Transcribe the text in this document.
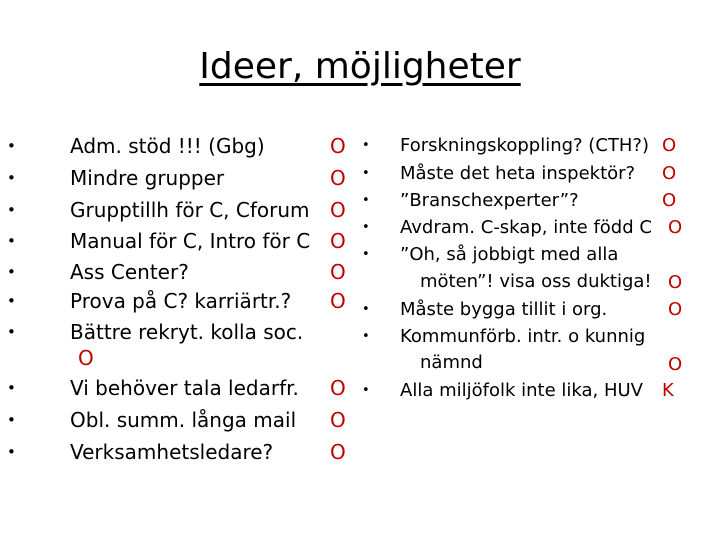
Ideer, möjligheter
•	Adm. stöd !!! (Gbg)	O
•	Mindre grupper	O
•	Grupptillh för C, Cforum O
•	Manual för C, Intro för C O
•	Ass Center?	O
•	Prova på C? karriärtr.? O
•	Bättre rekryt. kolla soc.
O
•	Vi behöver tala ledarfr. O
•	Obl. summ. långa mail O
•	Verksamhetsledare?	O
• Forskningskoppling? (CTH?) O
• Måste det heta inspektör? O
• ”Branschexperter”?	O
• Avdram. C-skap, inte född C O
• ”Oh, så jobbigt med alla
möten”! visa oss duktiga! O
• Måste bygga tillit i org.	O
• Kommunförb. intr. o kunnig
nämnd	O
• Alla miljöfolk inte lika, HUV K
